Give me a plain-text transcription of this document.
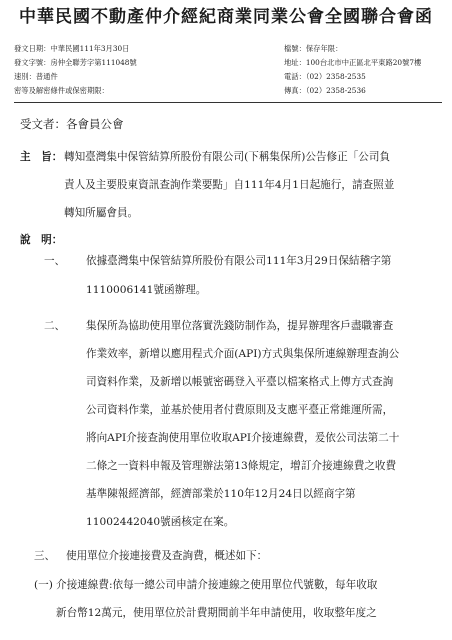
中華民國不動產仲介經紀商業同業公會全國聯合會函
發文日期：中華民國111年3月30日
發文字號：房仲全聯芳字第111048號
速別：普通件
密等及解密條件或保密期限：
檔號：保存年限：
地址：100台北市中正區北平東路20號7樓
電話：（02）2358-2535
傳真：（02）2358-2536
受文者：各會員公會
主　旨： 轉知臺灣集中保管結算所股份有限公司(下稱集保所)公告修正「公司負
責人及主要股東資訊查詢作業要點」自111年4月1日起施行，請查照並
轉知所屬會員。
說　明：
一、 依據臺灣集中保管結算所股份有限公司111年3月29日保結稽字第
1110006141號函辦理。
二、 集保所為協助使用單位落實洗錢防制作為，提昇辦理客戶盡職審查
作業效率，新增以應用程式介面(API)方式與集保所連線辦理查詢公
司資料作業，及新增以帳號密碼登入平臺以檔案格式上傳方式查詢
公司資料作業，並基於使用者付費原則及支應平臺正常維運所需，
將向API介接查詢使用單位收取API介接連線費，爰依公司法第二十
二條之一資料申報及管理辦法第13條規定，增訂介接連線費之收費
基準陳報經濟部，經濟部業於110年12月24日以經商字第
11002442040號函核定在案。
三、 使用單位介接連接費及查詢費，概述如下：
(一) 介接連線費:依每一總公司申請介接連線之使用單位代號數，每年收取
新台幣12萬元，使用單位於計費期間前半年申請使用，收取整年度之
